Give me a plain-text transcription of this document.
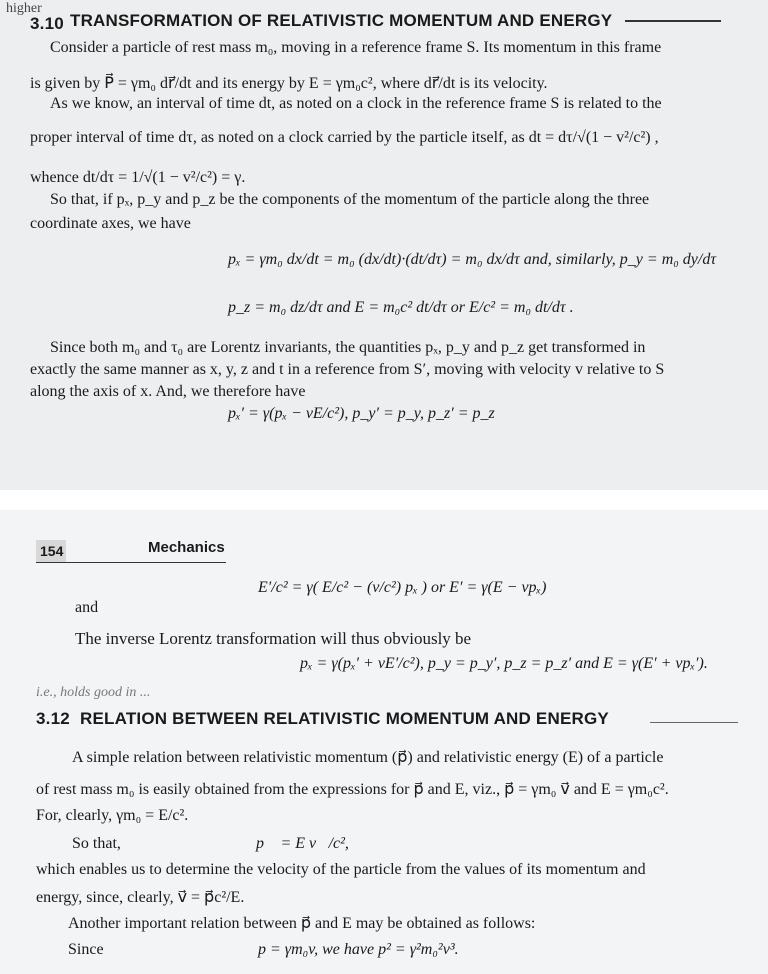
higher
3.10 TRANSFORMATION OF RELATIVISTIC MOMENTUM AND ENERGY
Consider a particle of rest mass m₀, moving in a reference frame S. Its momentum in this frame
is given by P⃗ = γm₀ dr⃗/dt and its energy by E = γm₀c², where dr⃗/dt is its velocity.
As we know, an interval of time dt, as noted on a clock in the reference frame S is related to the
proper interval of time dτ, as noted on a clock carried by the particle itself, as dt = dτ/√(1 − v²/c²) ,
whence dt/dτ = 1/√(1 − v²/c²) = γ.
So that, if pₓ, p_y and p_z be the components of the momentum of the particle along the three
coordinate axes, we have
pₓ = γm₀ dx/dt = m₀ (dx/dt)·(dt/dτ) = m₀ dx/dτ and, similarly, p_y = m₀ dy/dτ
p_z = m₀ dz/dτ and E = m₀c² dt/dτ or E/c² = m₀ dt/dτ .
Since both m₀ and τ₀ are Lorentz invariants, the quantities pₓ, p_y and p_z get transformed in
exactly the same manner as x, y, z and t in a reference from S′, moving with velocity v relative to S
along the axis of x. And, we therefore have
pₓ′ = γ(pₓ − vE/c²), p_y′ = p_y, p_z′ = p_z
154	Mechanics
and
E′/c² = γ( E/c² − (v/c²) pₓ ) or E′ = γ(E − vpₓ)
The inverse Lorentz transformation will thus obviously be
pₓ = γ(pₓ′ + vE′/c²), p_y = p_y′, p_z = p_z′ and E = γ(E′ + vpₓ′).
i.e., holds good in ...
3.12 RELATION BETWEEN RELATIVISTIC MOMENTUM AND ENERGY
A simple relation between relativistic momentum (p⃗) and relativistic energy (E) of a particle
of rest mass m₀ is easily obtained from the expressions for p⃗ and E, viz., p⃗ = γm₀ v⃗ and E = γm₀c².
For, clearly, γm₀ = E/c².
So that,	p⃗ = E v⃗/c²,
which enables us to determine the velocity of the particle from the values of its momentum and
energy, since, clearly, v⃗ = p⃗c²/E.
Another important relation between p⃗ and E may be obtained as follows:
Since	p = γm₀v, we have p² = γ²m₀²v³.
